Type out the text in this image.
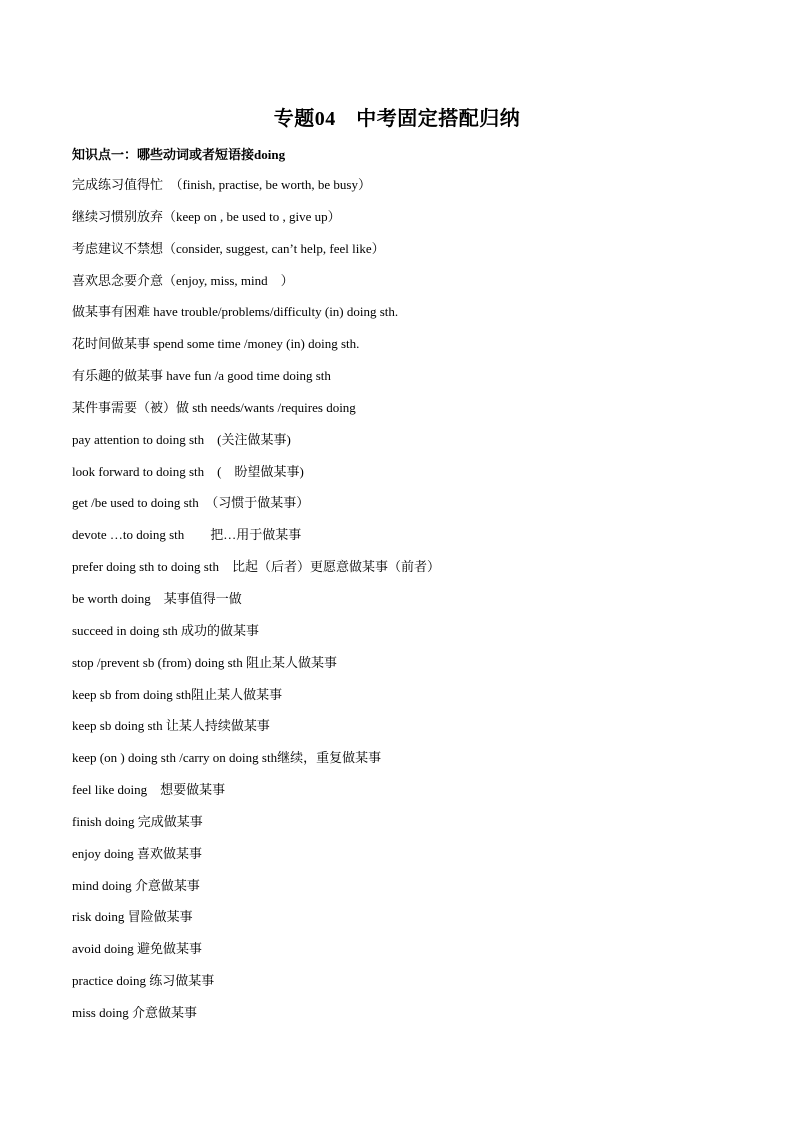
专题04　中考固定搭配归纳

知识点一：哪些动词或者短语接doing

完成练习值得忙　（finish, practise, be worth, be busy）
继续习惯别放弃（keep on , be used to , give up）
考虑建议不禁想（consider, suggest, can’t help, feel like）
喜欢思念要介意（enjoy, miss, mind　）
做某事有困难 have trouble/problems/difficulty (in) doing sth.
花时间做某事 spend some time /money (in) doing sth.
有乐趣的做某事 have fun /a good time doing sth
某件事需要（被）做 sth needs/wants /requires doing
pay attention to doing sth　(关注做某事)
look forward to doing sth　(　盼望做某事)
get /be used to doing sth　（习惯于做某事）
devote …to doing sth　　把…用于做某事
prefer doing sth to doing sth　比起（后者）更愿意做某事（前者）
be worth doing　某事值得一做
succeed in doing sth 成功的做某事
stop /prevent sb (from) doing sth 阻止某人做某事
keep sb from doing sth阻止某人做某事
keep sb doing sth 让某人持续做某事
keep (on ) doing sth /carry on doing sth继续，重复做某事
feel like doing　想要做某事
finish doing 完成做某事
enjoy doing 喜欢做某事
mind doing 介意做某事
risk doing 冒险做某事
avoid doing 避免做某事
practice doing 练习做某事
miss doing 介意做某事
